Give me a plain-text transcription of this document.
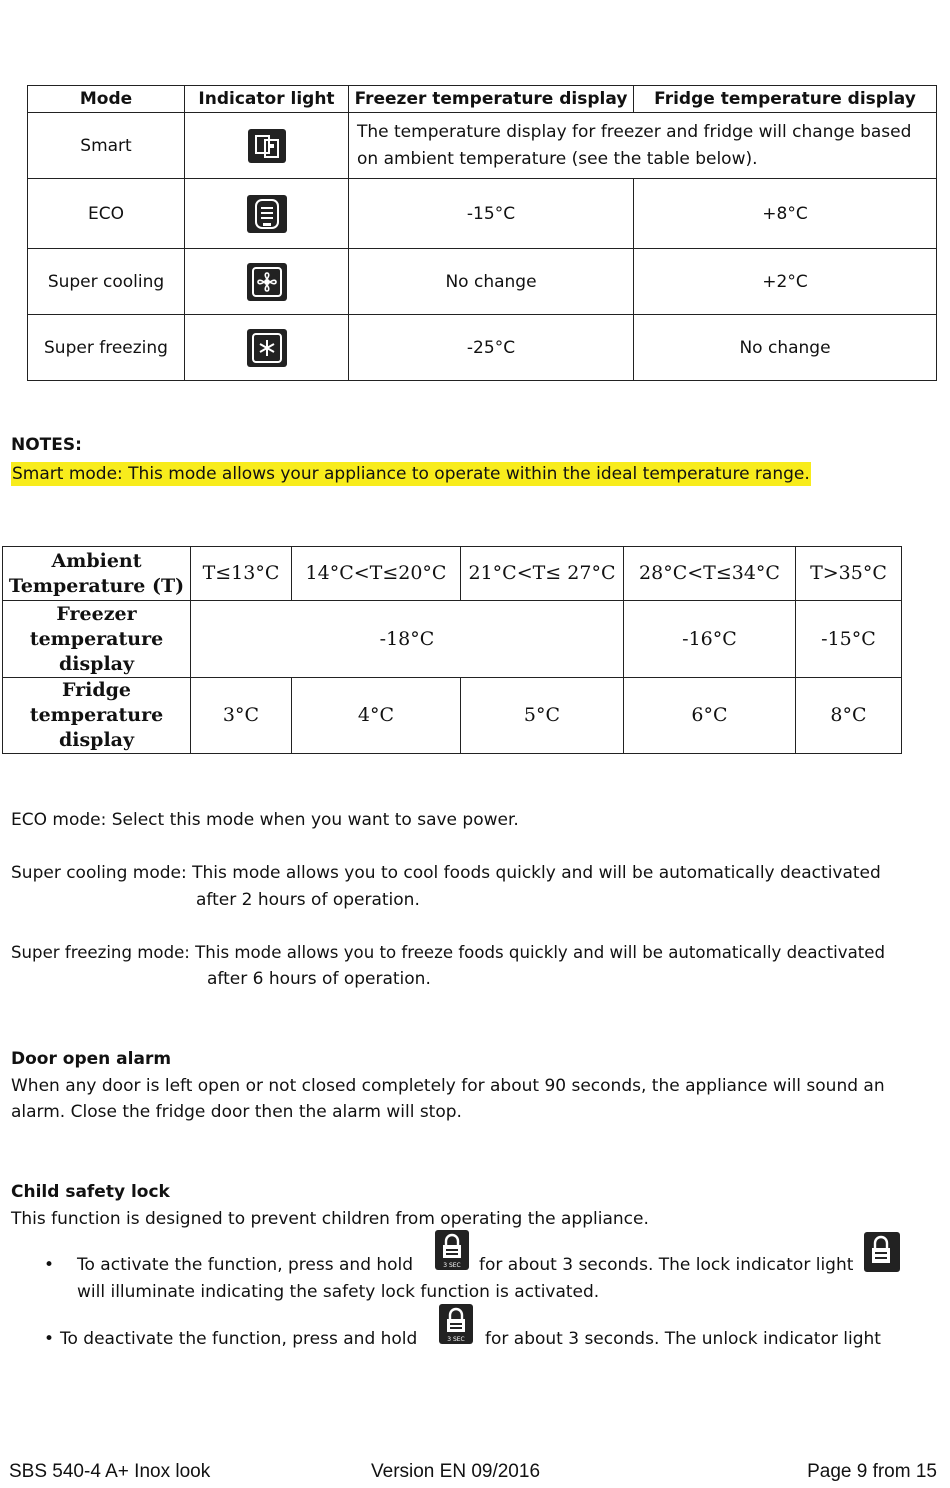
Mode	Indicator light	Freezer temperature display	Fridge temperature display
Smart		The temperature display for freezer and fridge will change based on ambient temperature (see the table below).	
ECO		-15°C	+8°C
Super cooling		No change	+2°C
Super freezing		-25°C	No change
NOTES:
Smart mode: This mode allows your appliance to operate within the ideal temperature range.
Ambient Temperature (T)	T≤13°C	14°C<T≤20°C	21°C<T≤ 27°C	28°C<T≤34°C	T>35°C
Freezer temperature display	-18°C			-16°C	-15°C
Fridge temperature display	3°C	4°C	5°C	6°C	8°C
ECO mode: Select this mode when you want to save power.
Super cooling mode: This mode allows you to cool foods quickly and will be automatically deactivated
after 2 hours of operation.
Super freezing mode: This mode allows you to freeze foods quickly and will be automatically deactivated
after 6 hours of operation.
Door open alarm
When any door is left open or not closed completely for about 90 seconds, the appliance will sound an
alarm. Close the fridge door then the alarm will stop.
Child safety lock
This function is designed to prevent children from operating the appliance.
• To activate the function, press and hold	3 SEC for about 3 seconds. The lock indicator light
will illuminate indicating the safety lock function is activated.
• To deactivate the function, press and hold	3 SEC for about 3 seconds. The unlock indicator light
SBS 540-4 A+ Inox look	Version EN 09/2016	Page 9 from 15
